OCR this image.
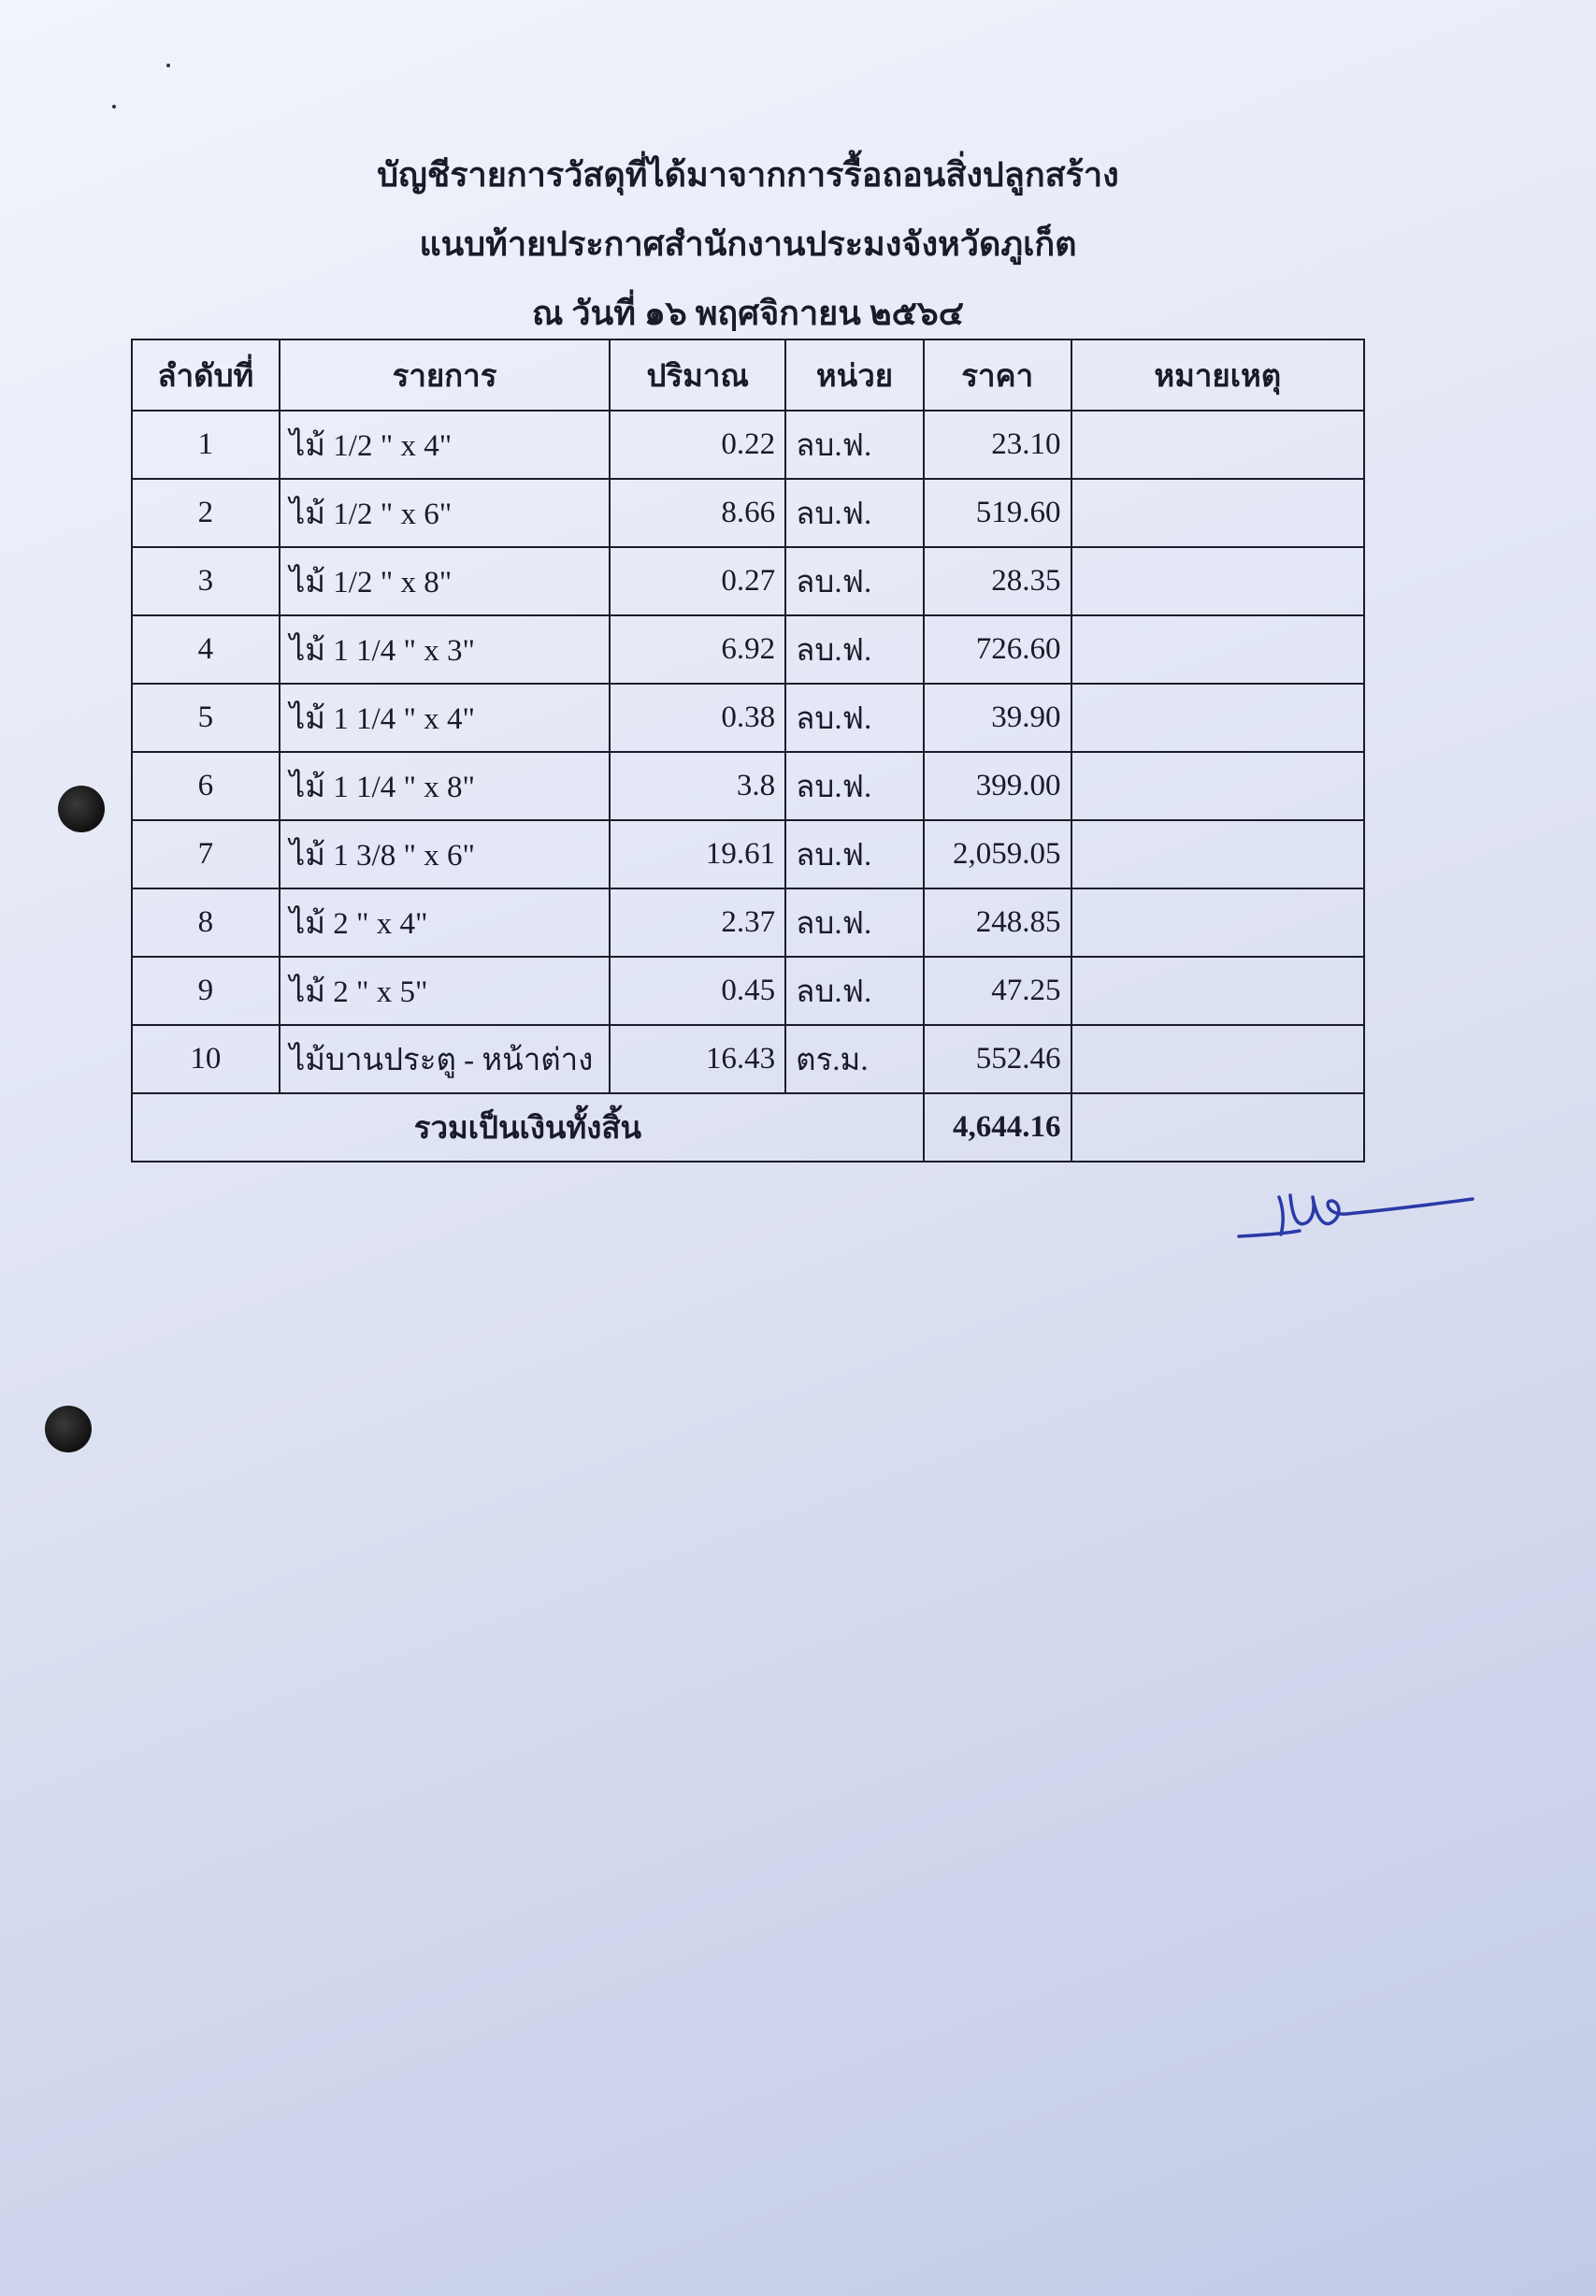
บัญชีรายการวัสดุที่ได้มาจากการรื้อถอนสิ่งปลูกสร้าง
แนบท้ายประกาศสำนักงานประมงจังหวัดภูเก็ต
ณ วันที่ ๑๖ พฤศจิกายน ๒๕๖๔
ลำดับที่	รายการ	ปริมาณ	หน่วย	ราคา	หมายเหตุ
1	ไม้ 1/2 " x 4"	0.22	ลบ.ฟ.	23.10	
2	ไม้ 1/2 " x 6"	8.66	ลบ.ฟ.	519.60	
3	ไม้ 1/2 " x 8"	0.27	ลบ.ฟ.	28.35	
4	ไม้ 1 1/4 " x 3"	6.92	ลบ.ฟ.	726.60	
5	ไม้ 1 1/4 " x 4"	0.38	ลบ.ฟ.	39.90	
6	ไม้ 1 1/4 " x 8"	3.8	ลบ.ฟ.	399.00	
7	ไม้ 1 3/8 " x 6"	19.61	ลบ.ฟ.	2,059.05	
8	ไม้ 2 " x 4"	2.37	ลบ.ฟ.	248.85	
9	ไม้ 2 " x 5"	0.45	ลบ.ฟ.	47.25	
10	ไม้บานประตู - หน้าต่าง	16.43	ตร.ม.	552.46	
รวมเป็นเงินทั้งสิ้น				4,644.16	
